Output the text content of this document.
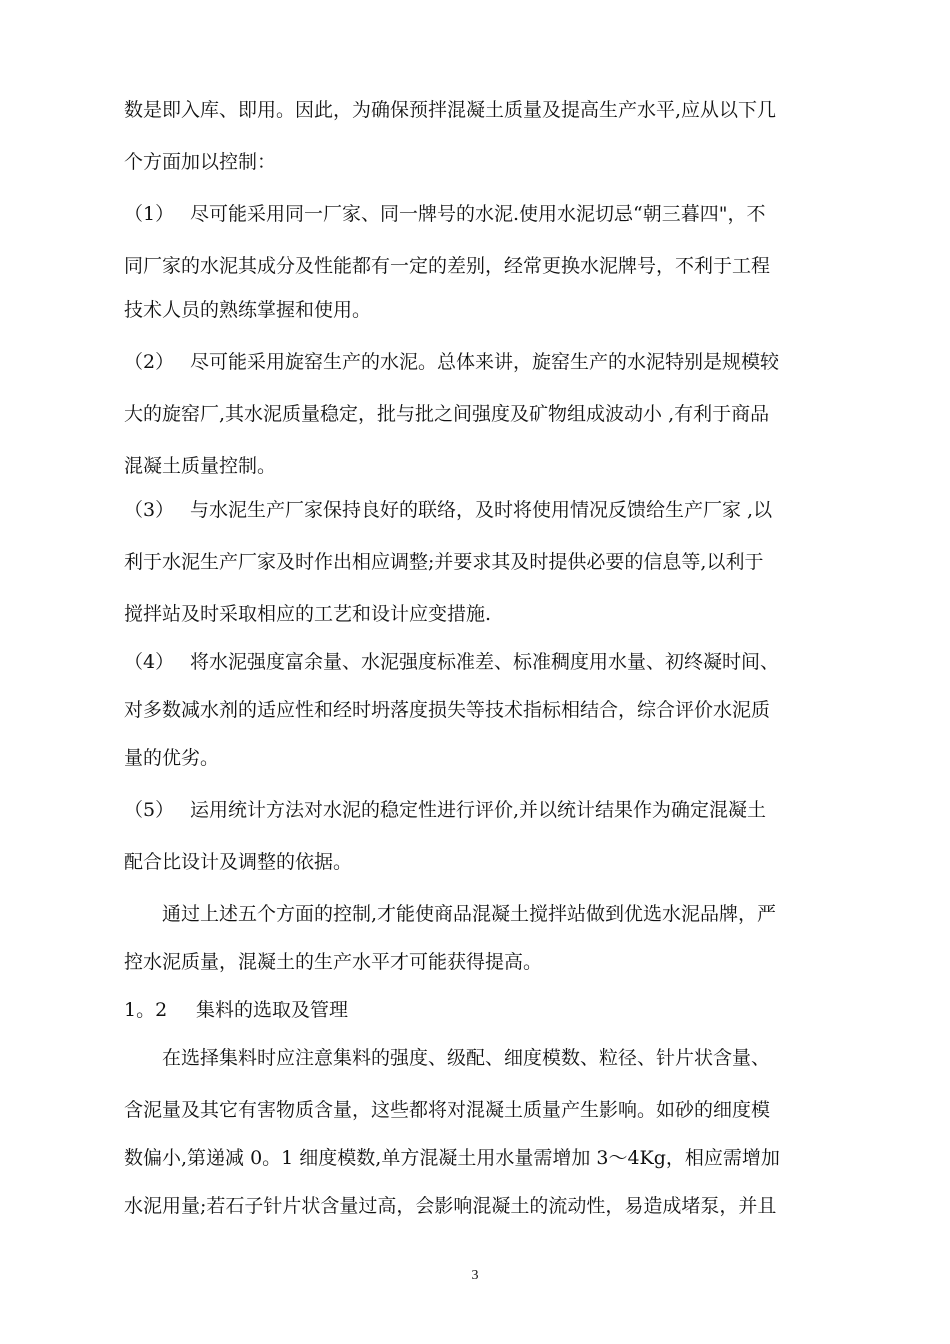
数是即入库、即用。因此，为确保预拌混凝土质量及提高生产水平,应从以下几
个方面加以控制：
（1） 尽可能采用同一厂家、同一牌号的水泥.使用水泥切忌“朝三暮四"，不
同厂家的水泥其成分及性能都有一定的差别，经常更换水泥牌号，不利于工程
技术人员的熟练掌握和使用。
（2） 尽可能采用旋窑生产的水泥。总体来讲，旋窑生产的水泥特别是规模较
大的旋窑厂,其水泥质量稳定，批与批之间强度及矿物组成波动小 ,有利于商品
混凝土质量控制。
（3） 与水泥生产厂家保持良好的联络，及时将使用情况反馈给生产厂家 ,以
利于水泥生产厂家及时作出相应调整;并要求其及时提供必要的信息等,以利于
搅拌站及时采取相应的工艺和设计应变措施.
（4） 将水泥强度富余量、水泥强度标准差、标准稠度用水量、初终凝时间、
对多数减水剂的适应性和经时坍落度损失等技术指标相结合，综合评价水泥质
量的优劣。
（5） 运用统计方法对水泥的稳定性进行评价,并以统计结果作为确定混凝土
配合比设计及调整的依据。
通过上述五个方面的控制,才能使商品混凝土搅拌站做到优选水泥品牌，严
控水泥质量，混凝土的生产水平才可能获得提高。
1。2 集料的选取及管理
在选择集料时应注意集料的强度、级配、细度模数、粒径、针片状含量、
含泥量及其它有害物质含量，这些都将对混凝土质量产生影响。如砂的细度模
数偏小,第递减 0。1 细度模数,单方混凝土用水量需增加 3～4Kg，相应需增加
水泥用量;若石子针片状含量过高，会影响混凝土的流动性，易造成堵泵，并且
3
